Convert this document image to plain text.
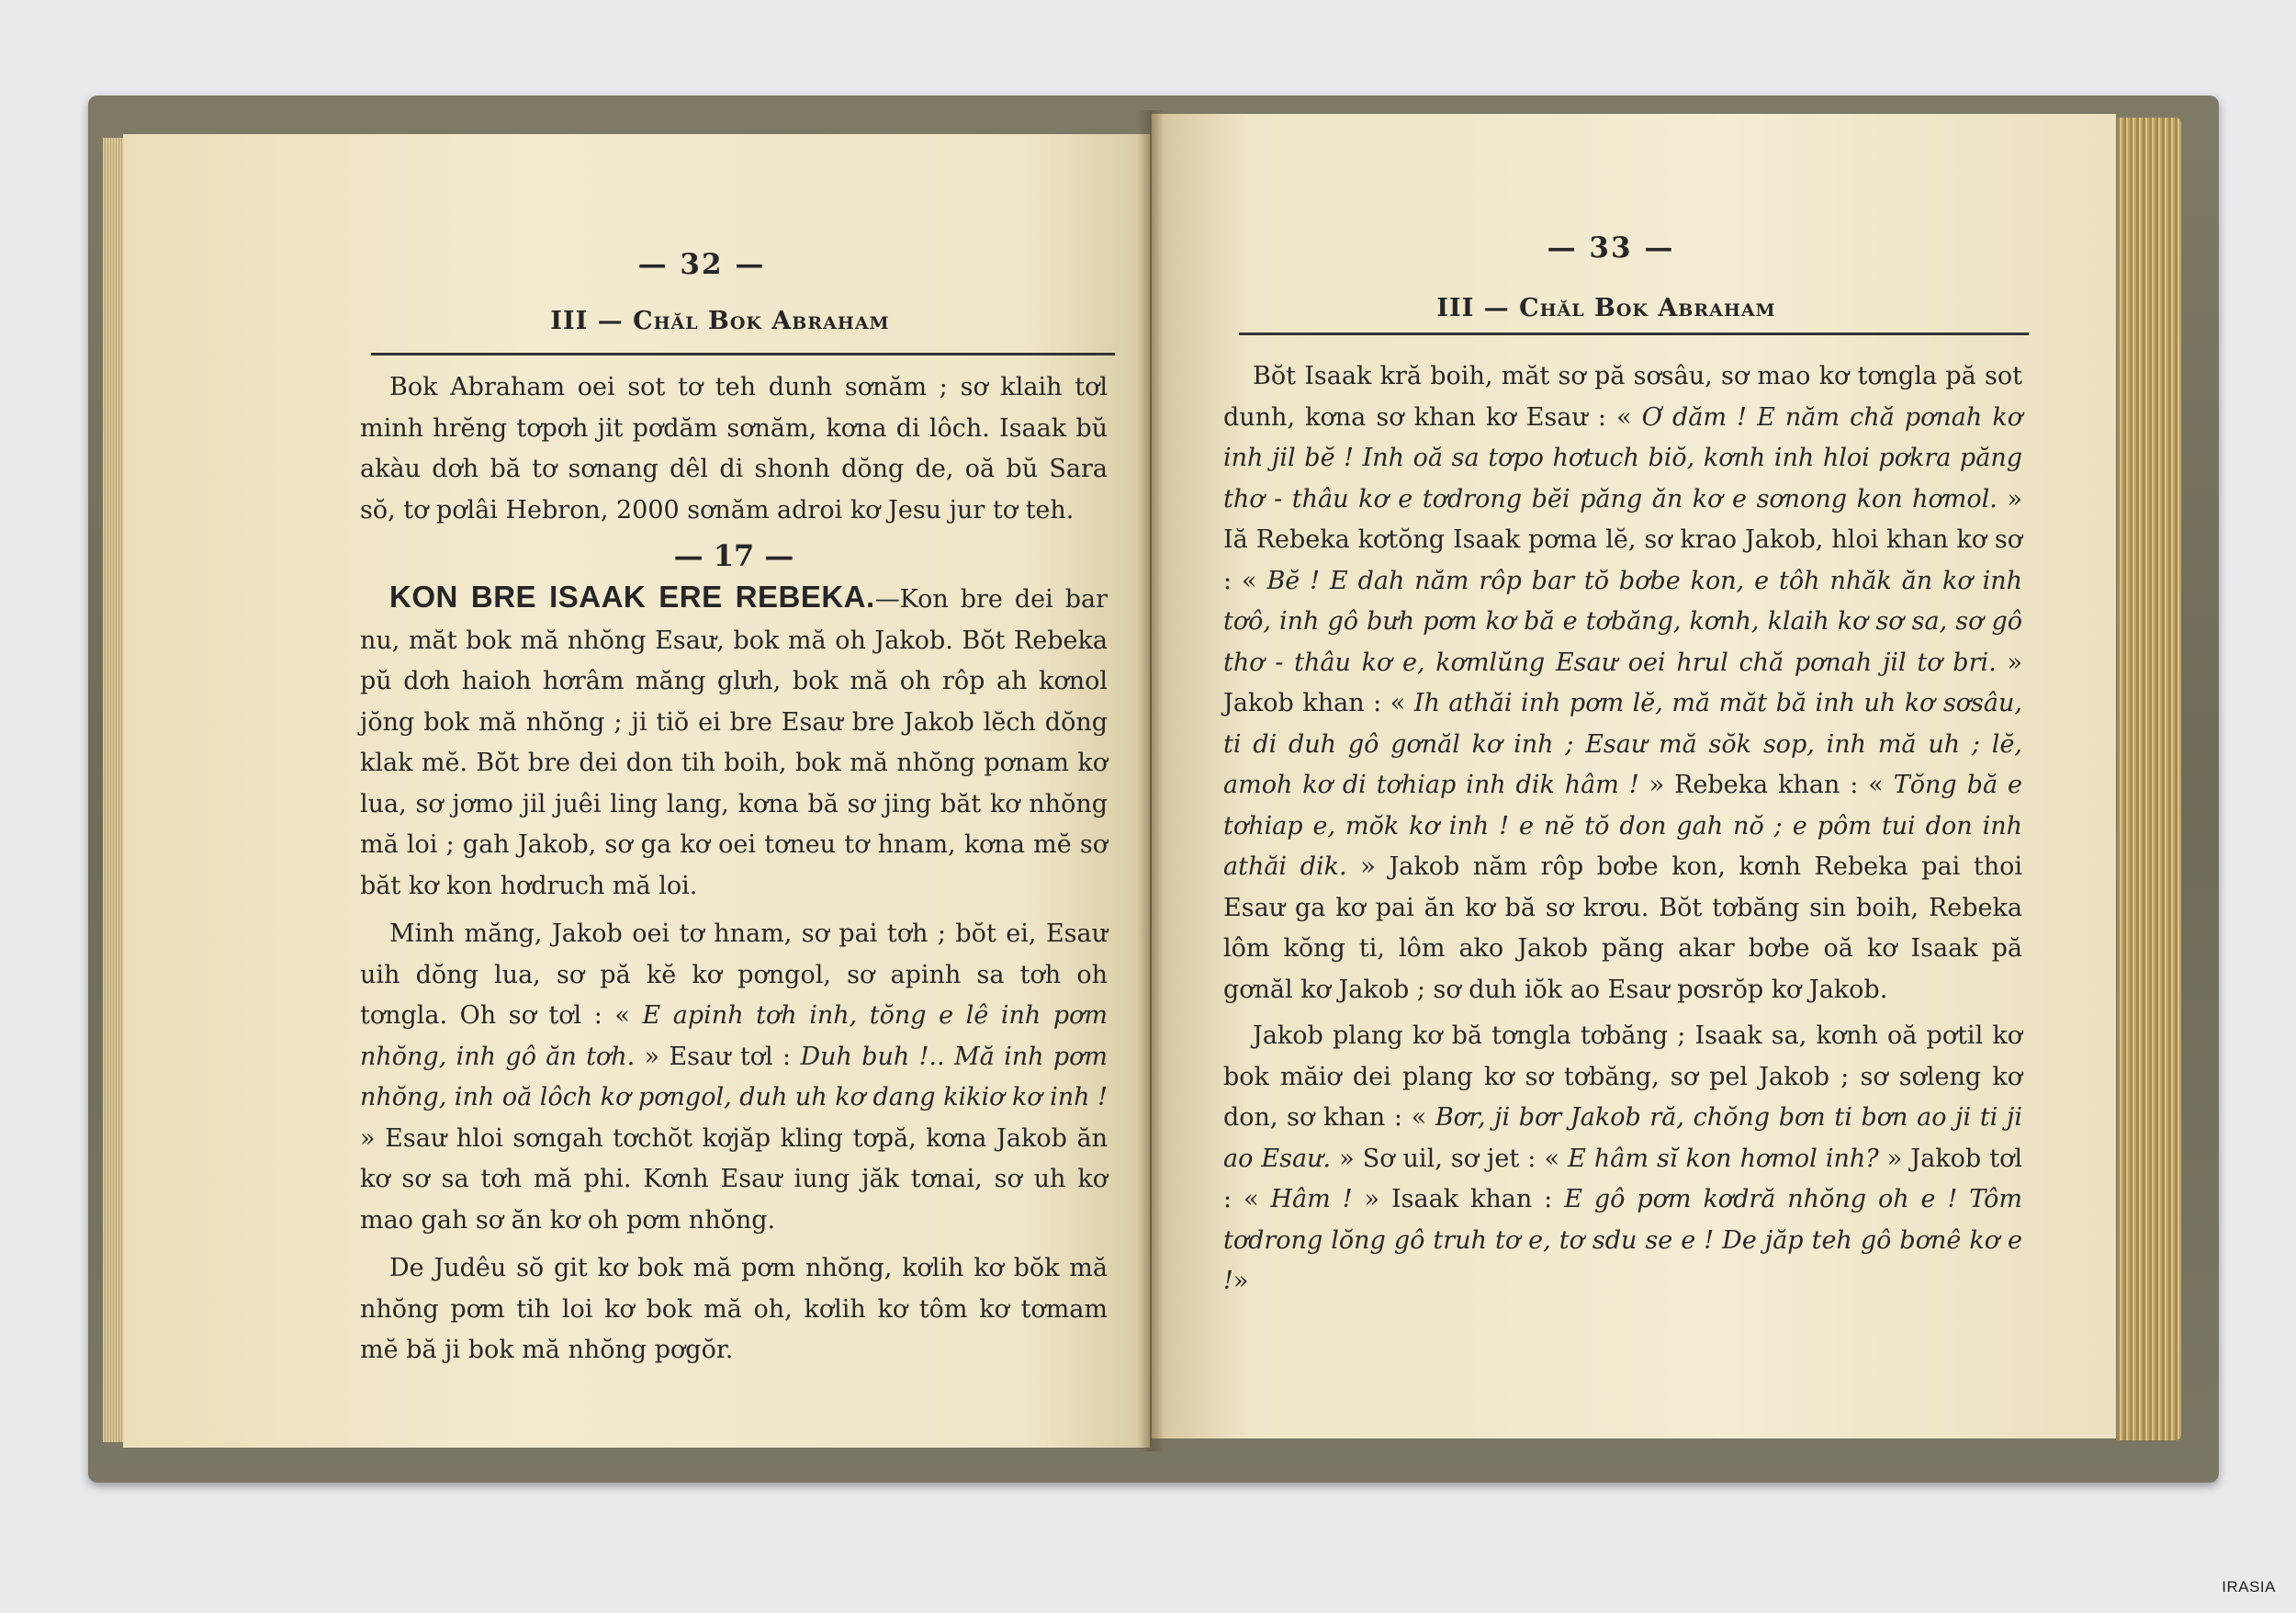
— 32 —
III — Chăl Bok Abraham

Bok Abraham oei sot tơ teh dunh sơnăm ; sơ klaih tơl minh hrĕng tơpơh jit pơdăm sơnăm, kơna di lôch. Isaak bŭ akàu dơh bă tơ sơnang dêl di shonh dŏng de, oă bŭ Sara sŏ, tơ pơlâi Hebron, 2000 sơnăm adroi kơ Jesu jur tơ teh.

— 17 —

KON BRE ISAAK ERE REBEKA.—Kon bre dei bar nu, măt bok mă nhŏng Esaư, bok mă oh Jakob. Bŏt Rebeka pŭ dơh haioh hơrâm măng glưh, bok mă oh rôp ah kơnol jŏng bok mă nhŏng ; ji tiŏ ei bre Esaư bre Jakob lĕch dŏng klak mĕ. Bŏt bre dei don tih boih, bok mă nhŏng pơnam kơ lua, sơ jơmo jil juêi ling lang, kơna bă sơ jing băt kơ nhŏng mă loi ; gah Jakob, sơ ga kơ oei tơneu tơ hnam, kơna mĕ sơ băt kơ kon hơdruch mă loi.

Minh măng, Jakob oei tơ hnam, sơ pai tơh ; bŏt ei, Esaư uih dŏng lua, sơ pă kĕ kơ pơngol, sơ apinh sa tơh oh tơngla. Oh sơ tơl : « E apinh tơh inh, tŏng e lê inh pơm nhŏng, inh gô ăn tơh. » Esaư tơl : Duh buh !.. Mă inh pơm nhŏng, inh oă lôch kơ pơngol, duh uh kơ dang kikiơ kơ inh ! » Esaư hloi sơngah tơchŏt kơjăp kling tơpă, kơna Jakob ăn kơ sơ sa tơh mă phi. Kơnh Esaư iung jăk tơnai, sơ uh kơ mao gah sơ ăn kơ oh pơm nhŏng.

De Judêu sŏ git kơ bok mă pơm nhŏng, kơlih kơ bŏk mă nhŏng pơm tih loi kơ bok mă oh, kơlih kơ tôm kơ tơmam mĕ bă ji bok mă nhŏng pơgŏr.

— 33 —
III — Chăl Bok Abraham

Bŏt Isaak kră boih, măt sơ pă sơsâu, sơ mao kơ tơngla pă sot dunh, kơna sơ khan kơ Esaư : « Ơ dăm ! E năm chă pơnah kơ inh jil bĕ ! Inh oă sa tơpo hơtuch biŏ, kơnh inh hloi pơkra păng thơ - thâu kơ e tơdrong bĕi păng ăn kơ e sơnong kon hơmol. » Iă Rebeka kơtŏng Isaak pơma lĕ, sơ krao Jakob, hloi khan kơ sơ : « Bĕ ! E dah năm rôp bar tŏ bơbe kon, e tôh nhăk ăn kơ inh tơô, inh gô bưh pơm kơ bă e tơbăng, kơnh, klaih kơ sơ sa, sơ gô thơ - thâu kơ e, kơmlŭng Esaư oei hrul chă pơnah jil tơ bri. » Jakob khan : « Ih athăi inh pơm lĕ, mă măt bă inh uh kơ sơsâu, ti di duh gô gơnăl kơ inh ; Esaư mă sŏk sop, inh mă uh ; lĕ, amoh kơ di tơhiap inh dik hâm ! » Rebeka khan : « Tŏng bă e tơhiap e, mŏk kơ inh ! e nĕ tŏ don gah nŏ ; e pôm tui don inh athăi dik. » Jakob năm rôp bơbe kon, kơnh Rebeka pai thoi Esaư ga kơ pai ăn kơ bă sơ krơu. Bŏt tơbăng sin boih, Rebeka lôm kŏng ti, lôm ako Jakob păng akar bơbe oă kơ Isaak pă gơnăl kơ Jakob ; sơ duh iŏk ao Esaư pơsrŏp kơ Jakob.

Jakob plang kơ bă tơngla tơbăng ; Isaak sa, kơnh oă pơtil kơ bok măiơ dei plang kơ sơ tơbăng, sơ pel Jakob ; sơ sơleng kơ don, sơ khan : « Bơr, ji bơr Jakob ră, chŏng bơn ti bơn ao ji ti ji ao Esaư. » Sơ uil, sơ jet : « E hâm sĭ kon hơmol inh? » Jakob tơl : « Hâm ! » Isaak khan : E gô pơm kơdră nhŏng oh e ! Tôm tơdrong lŏng gô truh tơ e, tơ sdu se e ! De jăp teh gô bơnê kơ e !»

IRASIA
